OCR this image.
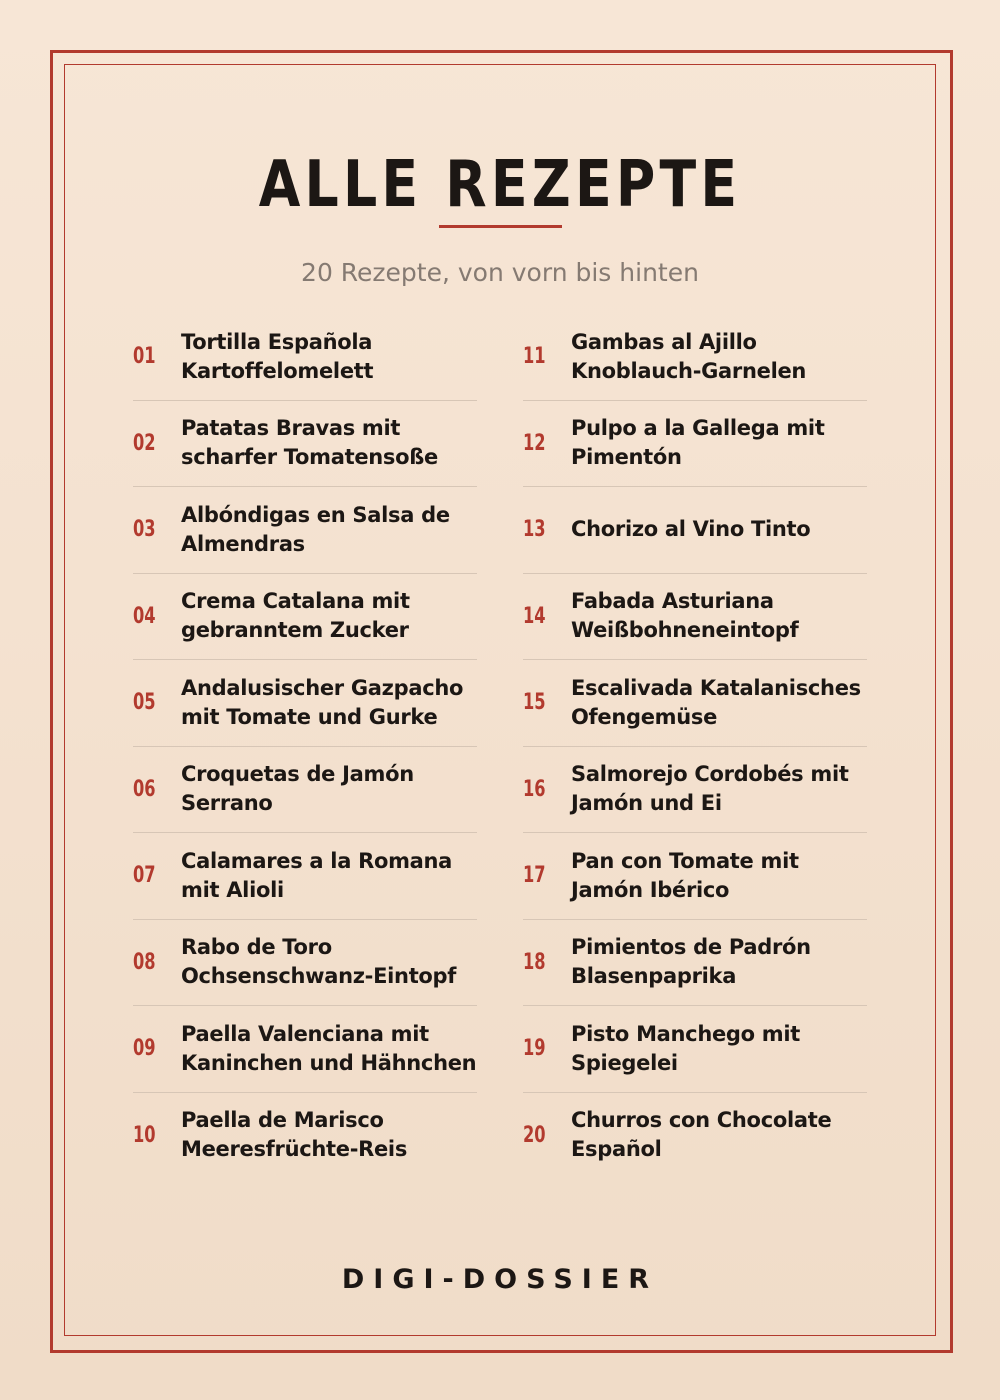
ALLE REZEPTE
20 Rezepte, von vorn bis hinten
01
Tortilla Española
Kartoffelomelett
02
Patatas Bravas mit
scharfer Tomatensoße
03
Albóndigas en Salsa de
Almendras
04
Crema Catalana mit
gebranntem Zucker
05
Andalusischer Gazpacho
mit Tomate und Gurke
06
Croquetas de Jamón
Serrano
07
Calamares a la Romana
mit Alioli
08
Rabo de Toro
Ochsenschwanz-Eintopf
09
Paella Valenciana mit
Kaninchen und Hähnchen
10
Paella de Marisco
Meeresfrüchte-Reis
11
Gambas al Ajillo
Knoblauch-Garnelen
12
Pulpo a la Gallega mit
Pimentón
13	Chorizo al Vino Tinto
14
Fabada Asturiana
Weißbohneneintopf
15
Escalivada Katalanisches
Ofengemüse
16
Salmorejo Cordobés mit
Jamón und Ei
17
Pan con Tomate mit
Jamón Ibérico
18
Pimientos de Padrón
Blasenpaprika
19
Pisto Manchego mit
Spiegelei
20
Churros con Chocolate
Español
DIGI-DOSSIER
